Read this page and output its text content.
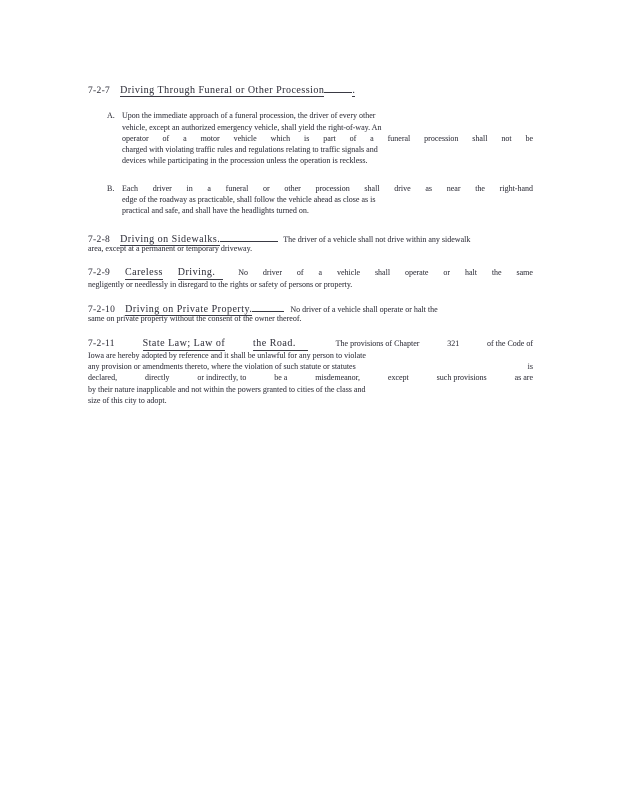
7-2-7 Driving Through Funeral or Other Procession	.
A. Upon the immediate approach of a funeral procession, the driver of every other
vehicle, except an authorized emergency vehicle, shall yield the right-of-way. An
operator of a motor vehicle which is part of a funeral procession shall not be
charged with violating traffic rules and regulations relating to traffic signals and
devices while participating in the procession unless the operation is reckless.
B. Each driver in a funeral or other procession shall drive as near the right-hand
edge of the roadway as practicable, shall follow the vehicle ahead as close as is
practical and safe, and shall have the headlights turned on.
7-2-8 Driving on Sidewalks.	The driver of a vehicle shall not drive within any sidewalk
area, except at a permanent or temporary driveway.
7-2-9 Careless Driving.	No driver of a vehicle shall operate or halt the same
negligently or needlessly in disregard to the rights or safety of persons or property.
7-2-10 Driving on Private Property.	No driver of a vehicle shall operate or halt the
same on private property without the consent of the owner thereof.
7-2-11	State Law; Law of	the Road.	The provisions of Chapter	321	of the Code of
Iowa are hereby adopted by reference and it shall be unlawful for any person to violate
any provision or amendments thereto, where the violation of such statute or statutes	is
declared,	directly	or indirectly, to	be a	misdemeanor,	except	such provisions	as are
by their nature inapplicable and not within the powers granted to cities of the class and
size of this city to adopt.
